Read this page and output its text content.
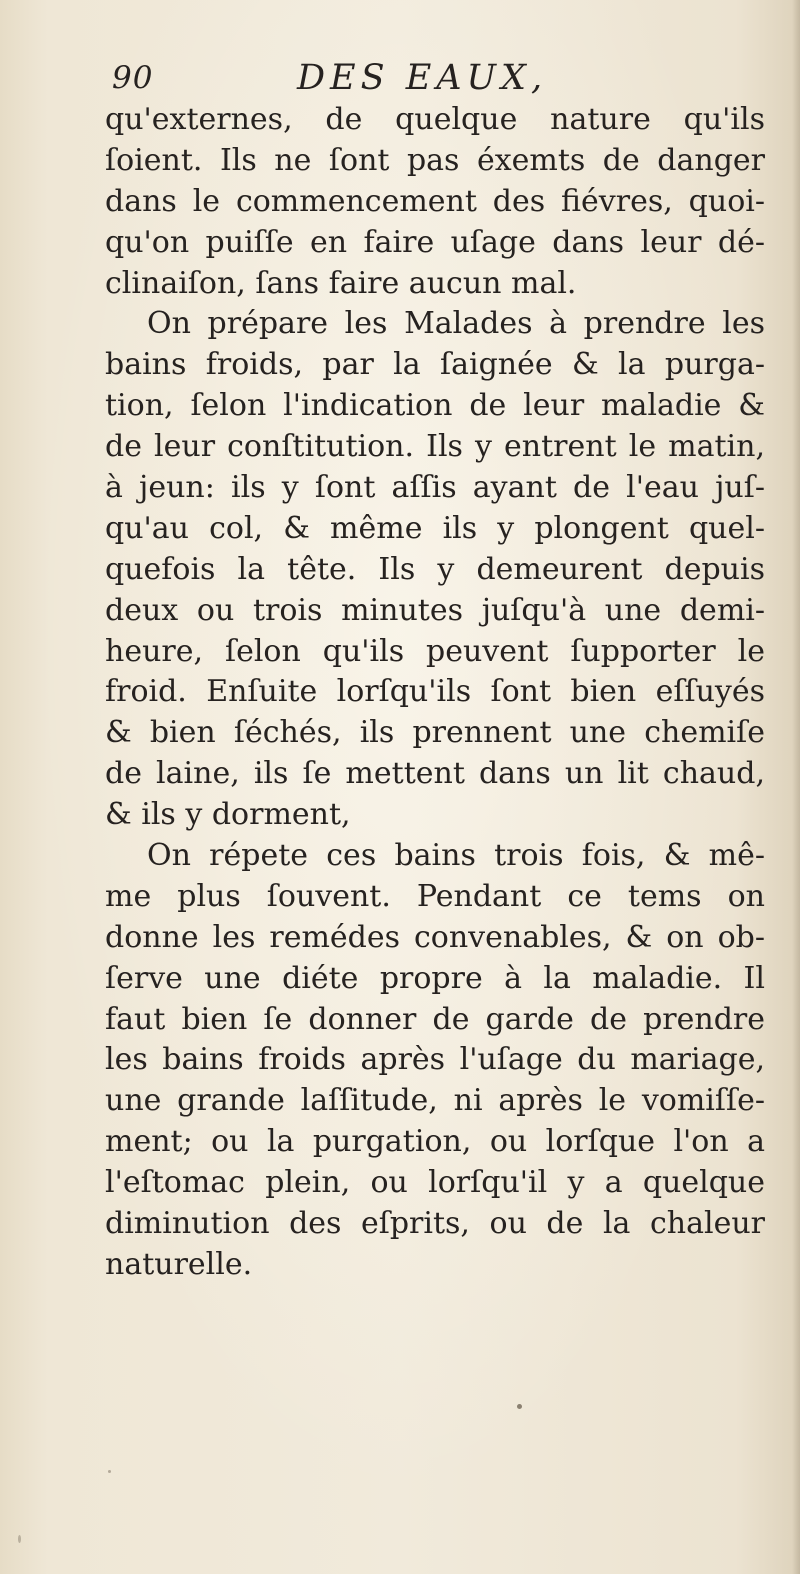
90	DES EAUX,
qu'externes, de quelque nature qu'ils
ſoient. Ils ne ſont pas éxemts de danger
dans le commencement des fiévres, quoi-
qu'on puiſſe en faire uſage dans leur dé-
clinaiſon, ſans faire aucun mal.
On prépare les Malades à prendre les
bains froids, par la ſaignée & la purga-
tion, ſelon l'indication de leur maladie &
de leur conſtitution. Ils y entrent le matin,
à jeun: ils y ſont aſſis ayant de l'eau juſ-
qu'au col, & même ils y plongent quel-
quefois la tête. Ils y demeurent depuis
deux ou trois minutes juſqu'à une demi-
heure, ſelon qu'ils peuvent ſupporter le
froid. Enſuite lorſqu'ils ſont bien eſſuyés
& bien ſéchés, ils prennent une chemiſe
de laine, ils ſe mettent dans un lit chaud,
& ils y dorment,
On répete ces bains trois fois, & mê-
me plus ſouvent. Pendant ce tems on
donne les remédes convenables, & on ob-
ſerve une diéte propre à la maladie. Il
faut bien ſe donner de garde de prendre
les bains froids après l'uſage du mariage,
une grande laſſitude, ni après le vomiſſe-
ment; ou la purgation, ou lorſque l'on a
l'eſtomac plein, ou lorſqu'il y a quelque
diminution des eſprits, ou de la chaleur
naturelle.
